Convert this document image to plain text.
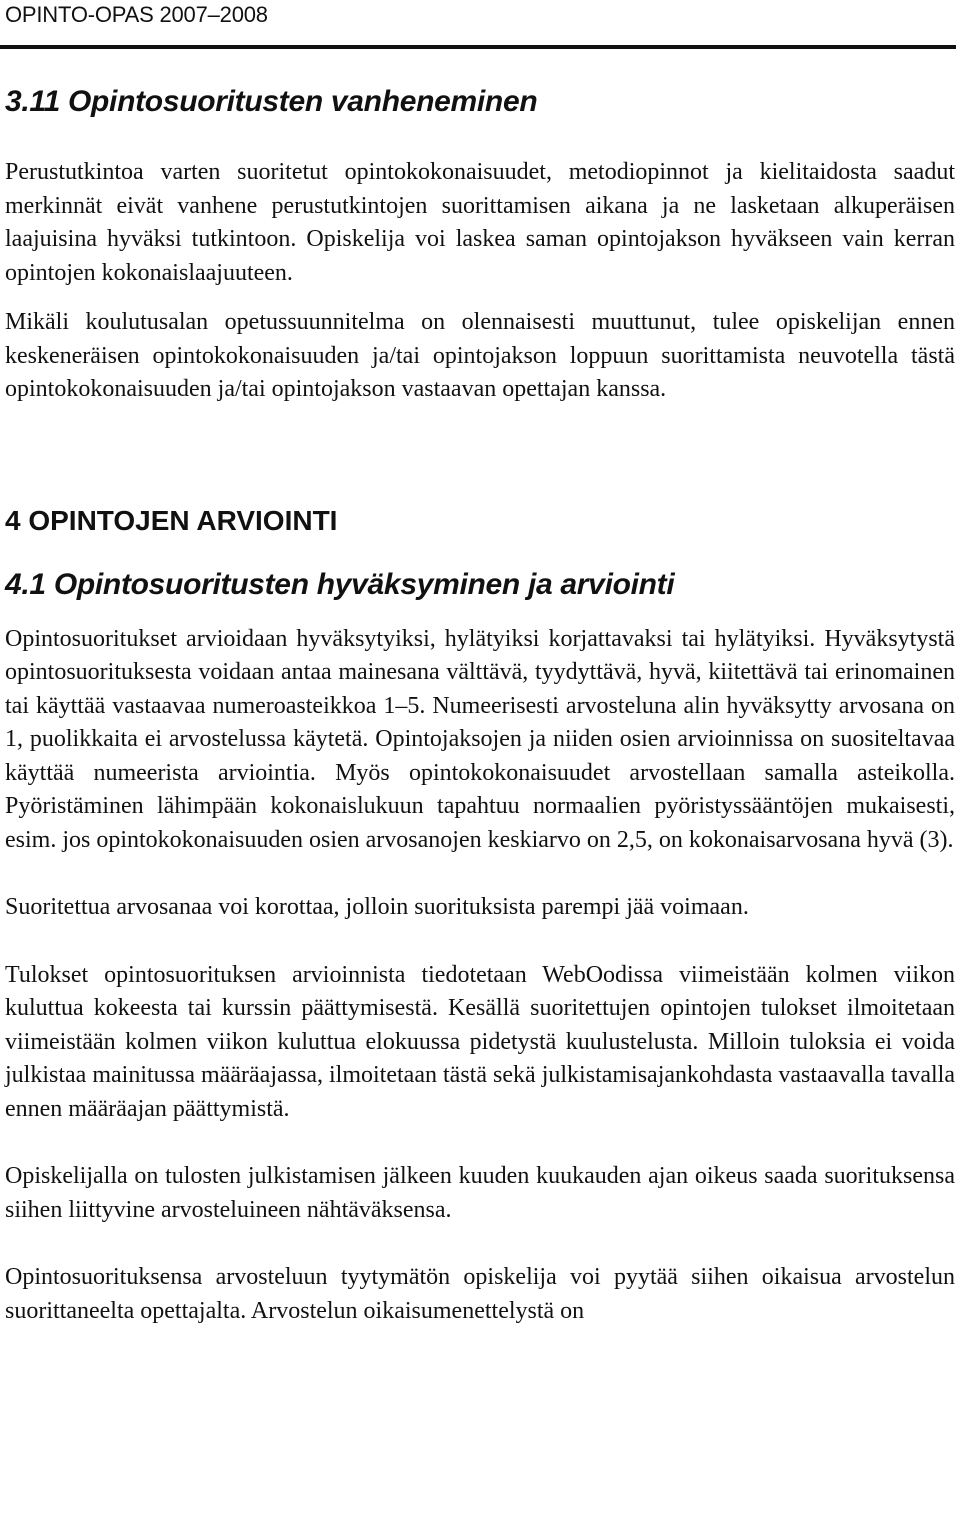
OPINTO-OPAS 2007–2008
3.11 Opintosuoritusten vanheneminen

Perustutkintoa varten suoritetut opintokokonaisuudet, metodiopinnot ja kielitaidosta saadut merkinnät eivät vanhene perustutkintojen suorittamisen aikana ja ne lasketaan alkuperäisen laajuisina hyväksi tutkintoon. Opiskelija voi laskea saman opintojakson hyväkseen vain kerran opintojen kokonaislaajuuteen.

Mikäli koulutusalan opetussuunnitelma on olennaisesti muuttunut, tulee opiskelijan ennen keskeneräisen opintokokonaisuuden ja/tai opintojakson loppuun suorittamista neuvotella tästä opintokokonaisuuden ja/tai opintojakson vastaavan opettajan kanssa.

4 OPINTOJEN ARVIOINTI
4.1 Opintosuoritusten hyväksyminen ja arviointi

Opintosuoritukset arvioidaan hyväksytyiksi, hylätyiksi korjattavaksi tai hylätyiksi. Hyväksytystä opintosuorituksesta voidaan antaa mainesana välttävä, tyydyttävä, hyvä, kiitettävä tai erinomainen tai käyttää vastaavaa numeroasteikkoa 1–5. Numeerisesti arvosteluna alin hyväksytty arvosana on 1, puolikkaita ei arvostelussa käytetä. Opintojaksojen ja niiden osien arvioinnissa on suositeltavaa käyttää numeerista arviointia. Myös opintokokonaisuudet arvostellaan samalla asteikolla. Pyöristäminen lähimpään kokonaislukuun tapahtuu normaalien pyöristyssääntöjen mukaisesti, esim. jos opintokokonaisuuden osien arvosanojen keskiarvo on 2,5, on kokonaisarvosana hyvä (3).

Suoritettua arvosanaa voi korottaa, jolloin suorituksista parempi jää voimaan.

Tulokset opintosuorituksen arvioinnista tiedotetaan WebOodissa viimeistään kolmen viikon kuluttua kokeesta tai kurssin päättymisestä. Kesällä suoritettujen opintojen tulokset ilmoitetaan viimeistään kolmen viikon kuluttua elokuussa pidetystä kuulustelusta. Milloin tuloksia ei voida julkistaa mainitussa määräajassa, ilmoitetaan tästä sekä julkistamisajankohdasta vastaavalla tavalla ennen määräajan päättymistä.

Opiskelijalla on tulosten julkistamisen jälkeen kuuden kuukauden ajan oikeus saada suorituksensa siihen liittyvine arvosteluineen nähtäväksensa.

Opintosuorituksensa arvosteluun tyytymätön opiskelija voi pyytää siihen oikaisua arvostelun suorittaneelta opettajalta. Arvostelun oikaisumenettelystä on
